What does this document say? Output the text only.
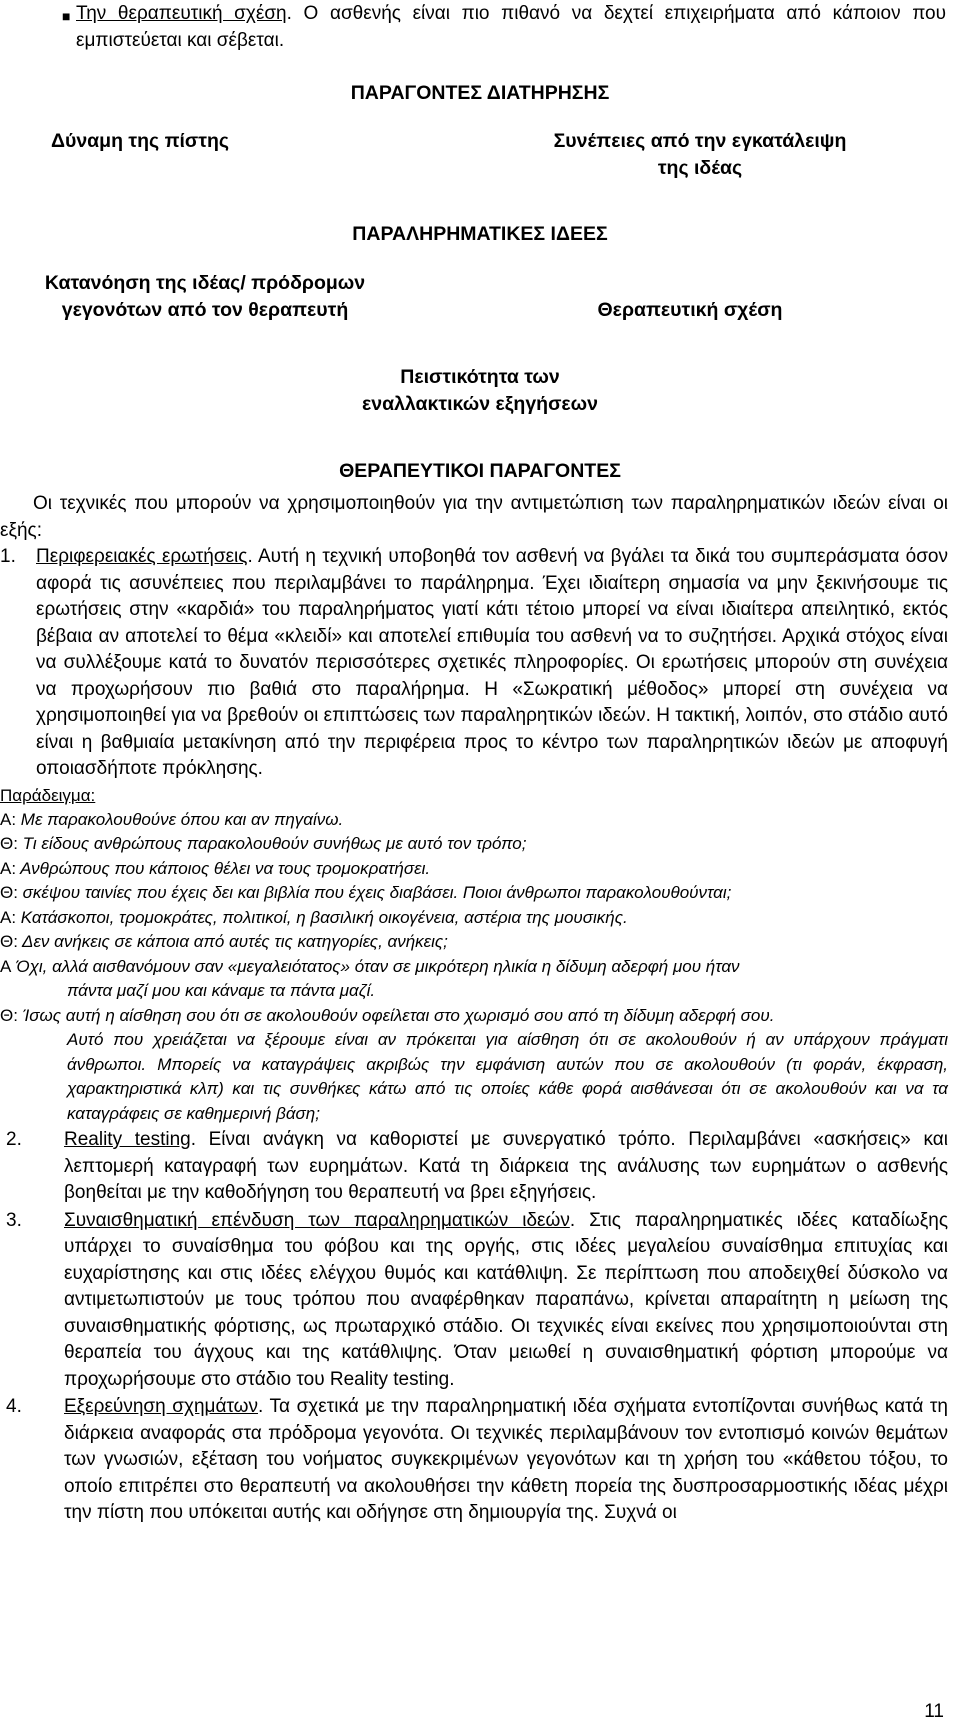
■ Την θεραπευτική σχέση. Ο ασθενής είναι πιο πιθανό να δεχτεί επιχειρήματα από κάποιον που εμπιστεύεται και σέβεται.
ΠΑΡΑΓΟΝΤΕΣ ΔΙΑΤΗΡΗΣΗΣ
Δύναμη της πίστης	Συνέπειες από την εγκατάλειψη
της ιδέας
ΠΑΡΑΛΗΡΗΜΑΤΙΚΕΣ ΙΔΕΕΣ
Κατανόηση της ιδέας/ πρόδρομων
γεγονότων από τον θεραπευτή	Θεραπευτική σχέση
Πειστικότητα των
εναλλακτικών εξηγήσεων
ΘΕΡΑΠΕΥΤΙΚΟΙ ΠΑΡΑΓΟΝΤΕΣ
Οι τεχνικές που μπορούν να χρησιμοποιηθούν για την αντιμετώπιση των παραληρηματικών ιδεών είναι οι εξής:
1. Περιφερειακές ερωτήσεις. Αυτή η τεχνική υποβοηθά τον ασθενή να βγάλει τα δικά του συμπεράσματα όσον αφορά τις ασυνέπειες που περιλαμβάνει το παράληρημα. Έχει ιδιαίτερη σημασία να μην ξεκινήσουμε τις ερωτήσεις στην «καρδιά» του παραληρήματος γιατί κάτι τέτοιο μπορεί να είναι ιδιαίτερα απειλητικό, εκτός βέβαια αν αποτελεί το θέμα «κλειδί» και αποτελεί επιθυμία του ασθενή να το συζητήσει. Αρχικά στόχος είναι να συλλέξουμε κατά το δυνατόν περισσότερες σχετικές πληροφορίες. Οι ερωτήσεις μπορούν στη συνέχεια να προχωρήσουν πιο βαθιά στο παραλήρημα. Η «Σωκρατική μέθοδος» μπορεί στη συνέχεια να χρησιμοποιηθεί για να βρεθούν οι επιπτώσεις των παραληρητικών ιδεών. Η τακτική, λοιπόν, στο στάδιο αυτό είναι η βαθμιαία μετακίνηση από την περιφέρεια προς το κέντρο των παραληρητικών ιδεών με αποφυγή οποιασδήποτε πρόκλησης.
Παράδειγμα:
Α: Με παρακολουθούνε όπου και αν πηγαίνω.
Θ: Τι είδους ανθρώπους παρακολουθούν συνήθως με αυτό τον τρόπο;
Α: Ανθρώπους που κάποιος θέλει να τους τρομοκρατήσει.
Θ: σκέψου ταινίες που έχεις δει και βιβλία που έχεις διαβάσει. Ποιοι άνθρωποι παρακολουθούνται;
Α: Κατάσκοποι, τρομοκράτες, πολιτικοί, η βασιλική οικογένεια, αστέρια της μουσικής.
Θ: Δεν ανήκεις σε κάποια από αυτές τις κατηγορίες, ανήκεις;
Α Όχι, αλλά αισθανόμουν σαν «μεγαλειότατος» όταν σε μικρότερη ηλικία η δίδυμη αδερφή μου ήταν
πάντα μαζί μου και κάναμε τα πάντα μαζί.
Θ: Ίσως αυτή η αίσθηση σου ότι σε ακολουθούν οφείλεται στο χωρισμό σου από τη δίδυμη αδερφή σου.
Αυτό που χρειάζεται να ξέρουμε είναι αν πρόκειται για αίσθηση ότι σε ακολουθούν ή αν υπάρχουν πράγματι άνθρωποι. Μπορείς να καταγράψεις ακριβώς την εμφάνιση αυτών που σε ακολουθούν (τι φοράν, έκφραση, χαρακτηριστικά κλπ) και τις συνθήκες κάτω από τις οποίες κάθε φορά αισθάνεσαι ότι σε ακολουθούν και να τα καταγράφεις σε καθημερινή βάση;
2. Reality testing. Είναι ανάγκη να καθοριστεί με συνεργατικό τρόπο. Περιλαμβάνει «ασκήσεις» και λεπτομερή καταγραφή των ευρημάτων. Κατά τη διάρκεια της ανάλυσης των ευρημάτων ο ασθενής βοηθείται με την καθοδήγηση του θεραπευτή να βρει εξηγήσεις.
3. Συναισθηματική επένδυση των παραληρηματικών ιδεών. Στις παραληρηματικές ιδέες καταδίωξης υπάρχει το συναίσθημα του φόβου και της οργής, στις ιδέες μεγαλείου συναίσθημα επιτυχίας και ευχαρίστησης και στις ιδέες ελέγχου θυμός και κατάθλιψη. Σε περίπτωση που αποδειχθεί δύσκολο να αντιμετωπιστούν με τους τρόπου που αναφέρθηκαν παραπάνω, κρίνεται απαραίτητη η μείωση της συναισθηματικής φόρτισης, ως πρωταρχικό στάδιο. Οι τεχνικές είναι εκείνες που χρησιμοποιούνται στη θεραπεία του άγχους και της κατάθλιψης. Όταν μειωθεί η συναισθηματική φόρτιση μπορούμε να προχωρήσουμε στο στάδιο του Reality testing.
4. Εξερεύνηση σχημάτων. Τα σχετικά με την παραληρηματική ιδέα σχήματα εντοπίζονται συνήθως κατά τη διάρκεια αναφοράς στα πρόδρομα γεγονότα. Οι τεχνικές περιλαμβάνουν τον εντοπισμό κοινών θεμάτων των γνωσιών, εξέταση του νοήματος συγκεκριμένων γεγονότων και τη χρήση του «κάθετου τόξου, το οποίο επιτρέπει στο θεραπευτή να ακολουθήσει την κάθετη πορεία της δυσπροσαρμοστικής ιδέας μέχρι την πίστη που υπόκειται αυτής και οδήγησε στη δημιουργία της. Συχνά οι
11
